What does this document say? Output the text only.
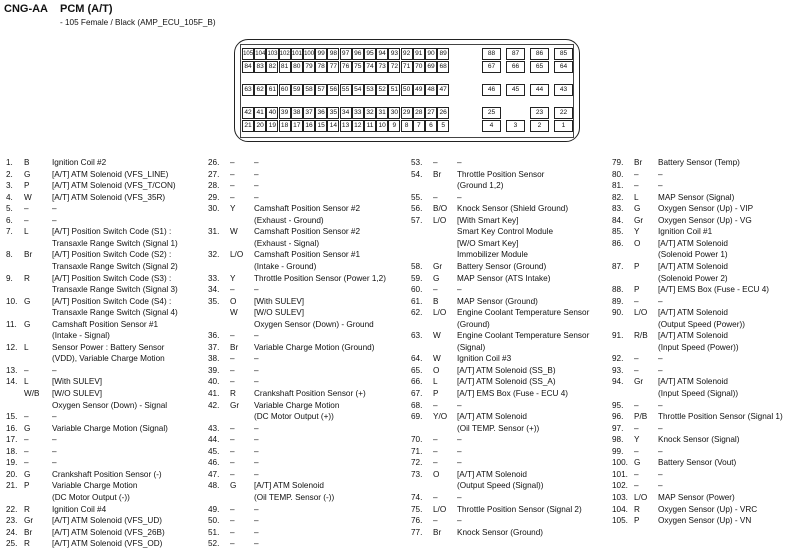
CNG-AA PCM (A/T)
- 105 Female / Black (AMP_ECU_105F_B)
105 104 103 102 101 100 99 98 97 96 95 94 93 92 91 90 89	88	87	86	85
84 83 82 81 80 79 78 77 76 75 74 73 72 71 70 69 68	67	66	65	64
63 62 61 60 59 58 57 56 55 54 53 52 51 50 49 48 47	46	45	44	43
42 41 40 39 38 37 36 35 34 33 32 31 30 29 28 27 26	25	23	22
21 20 19 18 17 16 15 14 13 12 11 10	9	8	7	6	5	4	3	2	1
1. B	Ignition Coil #2
2. G	[A/T] ATM Solenoid (VFS_LINE)
3. P	[A/T] ATM Solenoid (VFS_T/CON)
4. W [A/T] ATM Solenoid (VFS_35R)
5. –	–
6. –	–
7. L	[A/T] Position Switch Code (S1) :
Transaxle Range Switch (Signal 1)
8. Br [A/T] Position Switch Code (S2) :
Transaxle Range Switch (Signal 2)
9. R	[A/T] Position Switch Code (S3) :
Transaxle Range Switch (Signal 3)
10. G	[A/T] Position Switch Code (S4) :
Transaxle Range Switch (Signal 4)
11. G	Camshaft Position Sensor #1
(Intake - Signal)
12. L	Sensor Power : Battery Sensor
(VDD), Variable Charge Motion
13. –	–
14. L	[With SULEV]
W/B [W/O SULEV]
Oxygen Sensor (Down) - Signal
15. –	–
16. G	Variable Charge Motion (Signal)
17. –	–
18. –	–
19. –	–
20. G	Crankshaft Position Sensor (-)
21. P	Variable Charge Motion
(DC Motor Output (-))
22. R	Ignition Coil #4
23. Gr [A/T] ATM Solenoid (VFS_UD)
24. Br [A/T] ATM Solenoid (VFS_26B)
25. R	[A/T] ATM Solenoid (VFS_OD)
26. – –
27. – –
28. – –
29. – –
30. Y Camshaft Position Sensor #2
(Exhaust - Ground)
31. W Camshaft Position Sensor #2
(Exhaust - Signal)
32. L/O Camshaft Position Sensor #1
(Intake - Ground)
33. Y Throttle Position Sensor (Power 1,2)
34. – –
35. O [With SULEV]
W [W/O SULEV]
Oxygen Sensor (Down) - Ground
36. – –
37. Br Variable Charge Motion (Ground)
38. – –
39. – –
40. – –
41. R Crankshaft Position Sensor (+)
42. Gr Variable Charge Motion
(DC Motor Output (+))
43. – –
44. – –
45. – –
46. – –
47. – –
48. G [A/T] ATM Solenoid
(Oil TEMP. Sensor (-))
49. – –
50. – –
51. – –
52. – –
53. – –
54. Br Throttle Position Sensor
(Ground 1,2)
55. – –
56. B/O Knock Sensor (Shield Ground)
57. L/O [With Smart Key]
Smart Key Control Module
[W/O Smart Key]
Immobilizer Module
58. Gr Battery Sensor (Ground)
59. G MAP Sensor (ATS Intake)
60. – –
61. B MAP Sensor (Ground)
62. L/O Engine Coolant Temperature Sensor
(Ground)
63. W Engine Coolant Temperature Sensor
(Signal)
64. W Ignition Coil #3
65. O [A/T] ATM Solenoid (SS_B)
66. L [A/T] ATM Solenoid (SS_A)
67. P [A/T] EMS Box (Fuse - ECU 4)
68. – –
69. Y/O [A/T] ATM Solenoid
(Oil TEMP. Sensor (+))
70. – –
71. – –
72. – –
73. O [A/T] ATM Solenoid
(Output Speed (Signal))
74. – –
75. L/O Throttle Position Sensor (Signal 2)
76. – –
77. Br Knock Sensor (Ground)
79. Br Battery Sensor (Temp)
80. – –
81. – –
82. L MAP Sensor (Signal)
83. G Oxygen Sensor (Up) - VIP
84. Gr Oxygen Sensor (Up) - VG
85. Y Ignition Coil #1
86. O [A/T] ATM Solenoid
(Solenoid Power 1)
87. P [A/T] ATM Solenoid
(Solenoid Power 2)
88. P [A/T] EMS Box (Fuse - ECU 4)
89. – –
90. L/O [A/T] ATM Solenoid
(Output Speed (Power))
91. R/B [A/T] ATM Solenoid
(Input Speed (Power))
92. – –
93. – –
94. Gr [A/T] ATM Solenoid
(Input Speed (Signal))
95. – –
96. P/B Throttle Position Sensor (Signal 1)
97. – –
98. Y Knock Sensor (Signal)
99. – –
100. G Battery Sensor (Vout)
101. – –
102. – –
103. L/O MAP Sensor (Power)
104. R Oxygen Sensor (Up) - VRC
105. P Oxygen Sensor (Up) - VN
